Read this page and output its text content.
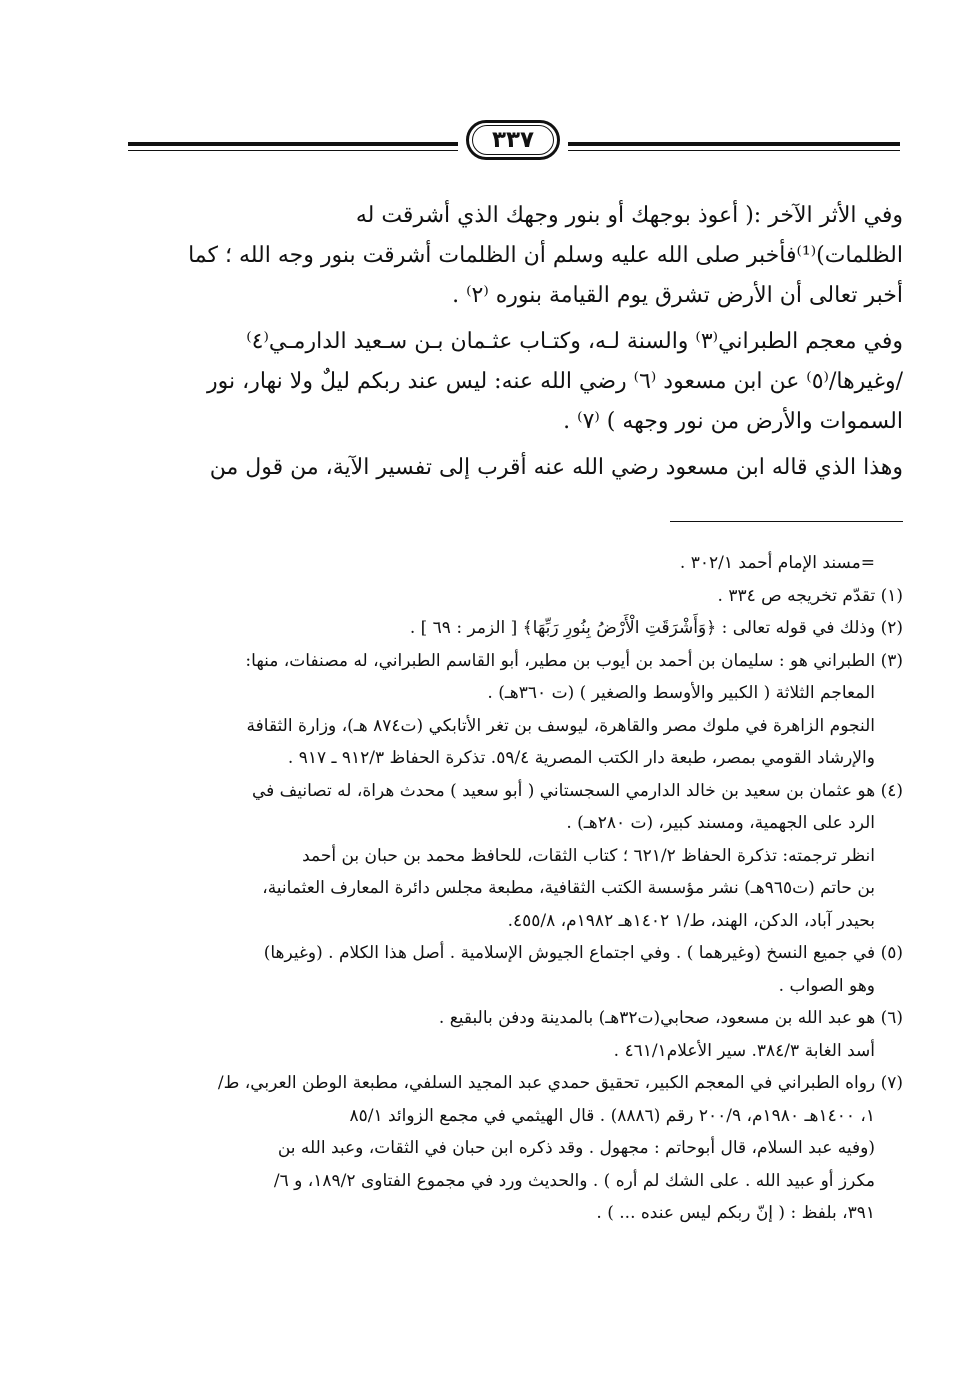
٣٣٧
وفي الأثر الآخر :( أعوذ بوجهك أو بنور وجهك الذي أشرقت له
الظلمات)⁽¹⁾فأخبر صلى الله عليه وسلم أن الظلمات أشرقت بنور وجه الله ؛ كما
أخبر تعالى أن الأرض تشرق يوم القيامة بنوره ⁽٢⁾ .
وفي معجم الطبراني⁽٣⁾ والسنة لـه، وكتـاب عثـمان بـن سـعيد الدارمـي⁽٤⁾
/وغيرها/⁽٥⁾ عن ابن مسعود ⁽٦⁾ رضي الله عنه: ليس عند ربكم ليلٌ ولا نهار، نور
السموات والأرض من نور وجهه ) ⁽٧⁾ .
وهذا الذي قاله ابن مسعود رضي الله عنه أقرب إلى تفسير الآية، من قول من
=مسند الإمام أحمد ٣٠٢/١ .
(١) تقدّم تخريجه ص ٣٣٤ .
(٢) وذلك في قوله تعالى : ﴿وَأَشْرَقَتِ الْأَرْضُ بِنُورِ رَبِّهَا﴾ [ الزمر : ٦٩ ] .
(٣) الطبراني هو : سليمان بن أحمد بن أيوب بن مطير، أبو القاسم الطبراني، له مصنفات، منها:
المعاجم الثلاثة ( الكبير والأوسط والصغير ) (ت ٣٦٠هـ) .
النجوم الزاهرة في ملوك مصر والقاهرة، ليوسف بن تغر الأتابكي (ت٨٧٤ هـ)، وزارة الثقافة
والإرشاد القومي بمصر، طبعة دار الكتب المصرية ٥٩/٤. تذكرة الحفاظ ٩١٢/٣ ـ ٩١٧ .
(٤) هو عثمان بن سعيد بن خالد الدارمي السجستاني ( أبو سعيد ) محدث هراة، له تصانيف في
الرد على الجهمية، ومسند كبير، (ت ٢٨٠هـ) .
انظر ترجمته: تذكرة الحفاظ ٦٢١/٢ ؛ كتاب الثقات، للحافظ محمد بن حبان بن أحمد
بن حاتم (ت٩٦٥هـ) نشر مؤسسة الكتب الثقافية، مطبعة مجلس دائرة المعارف العثمانية،
بحيدر آباد، الدكن، الهند، ط/١ ١٤٠٢هـ ١٩٨٢م، ٤٥٥/٨.
(٥) في جميع النسخ (وغيرهما ) . وفي اجتماع الجيوش الإسلامية . أصل هذا الكلام . (وغيرها)
وهو الصواب .
(٦) هو عبد الله بن مسعود، صحابي(ت٣٢هـ) بالمدينة ودفن بالبقيع .
أسد الغابة ٣٨٤/٣. سير الأعلام٤٦١/١ .
(٧) رواه الطبراني في المعجم الكبير، تحقيق حمدي عبد المجيد السلفي، مطبعة الوطن العربي، ط/
١، ١٤٠٠هـ ١٩٨٠م، ٢٠٠/٩ رقم (٨٨٨٦) . قال الهيثمي في مجمع الزوائد ٨٥/١
(وفيه عبد السلام، قال أبوحاتم : مجهول . وقد ذكره ابن حبان في الثقات، وعبد الله بن
مكرز أو عبيد الله . على الشك لم أره ) . والحديث ورد في مجموع الفتاوى ١٨٩/٢، و ٦/
٣٩١، بلفظ : ( إنّ ربكم ليس عنده ... ) .
